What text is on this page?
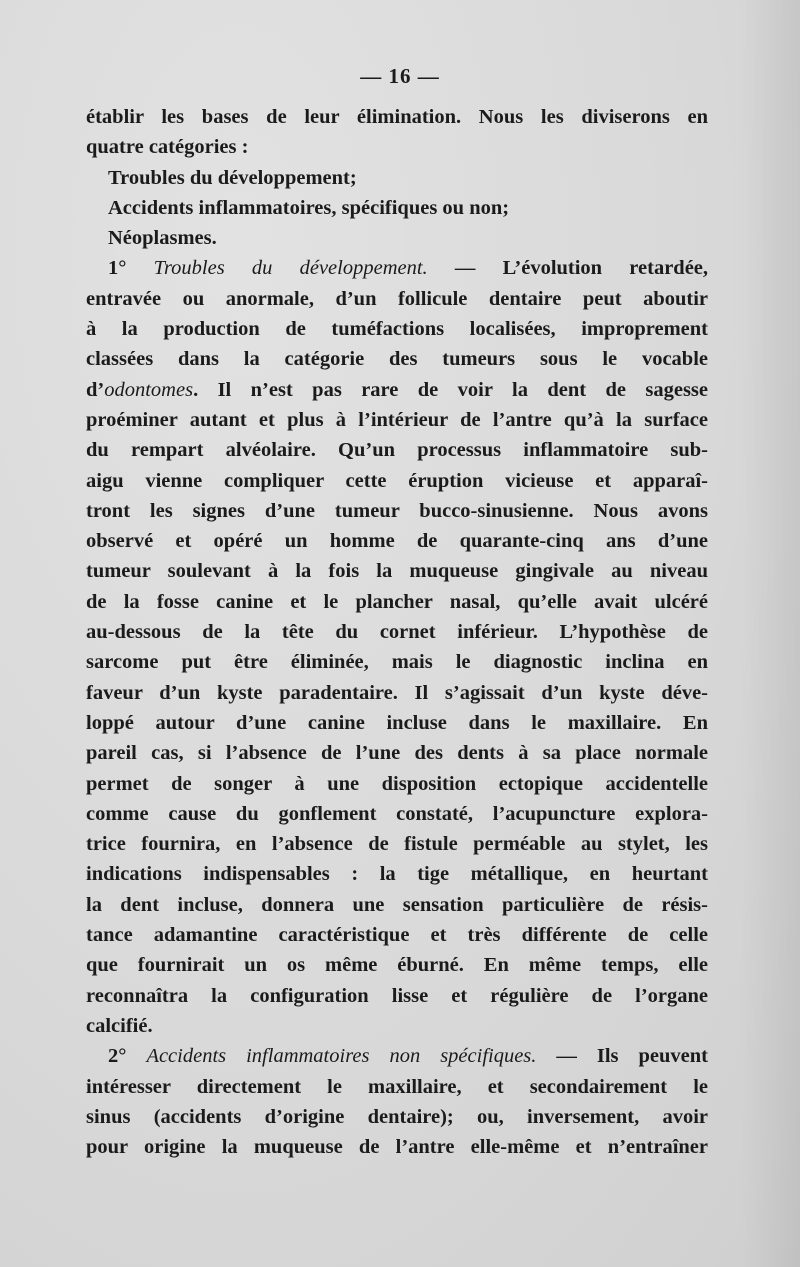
— 16 —
établir les bases de leur élimination. Nous les diviserons en
quatre catégories :
Troubles du développement;
Accidents inflammatoires, spécifiques ou non;
Néoplasmes.
1° Troubles du développement. — L’évolution retardée,
entravée ou anormale, d’un follicule dentaire peut aboutir
à la production de tuméfactions localisées, improprement
classées dans la catégorie des tumeurs sous le vocable
d’odontomes. Il n’est pas rare de voir la dent de sagesse
proéminer autant et plus à l’intérieur de l’antre qu’à la surface
du rempart alvéolaire. Qu’un processus inflammatoire sub-
aigu vienne compliquer cette éruption vicieuse et apparaî-
tront les signes d’une tumeur bucco-sinusienne. Nous avons
observé et opéré un homme de quarante-cinq ans d’une
tumeur soulevant à la fois la muqueuse gingivale au niveau
de la fosse canine et le plancher nasal, qu’elle avait ulcéré
au-dessous de la tête du cornet inférieur. L’hypothèse de
sarcome put être éliminée, mais le diagnostic inclina en
faveur d’un kyste paradentaire. Il s’agissait d’un kyste déve-
loppé autour d’une canine incluse dans le maxillaire. En
pareil cas, si l’absence de l’une des dents à sa place normale
permet de songer à une disposition ectopique accidentelle
comme cause du gonflement constaté, l’acupuncture explora-
trice fournira, en l’absence de fistule perméable au stylet, les
indications indispensables : la tige métallique, en heurtant
la dent incluse, donnera une sensation particulière de résis-
tance adamantine caractéristique et très différente de celle
que fournirait un os même éburné. En même temps, elle
reconnaîtra la configuration lisse et régulière de l’organe
calcifié.
2° Accidents inflammatoires non spécifiques. — Ils peuvent
intéresser directement le maxillaire, et secondairement le
sinus (accidents d’origine dentaire); ou, inversement, avoir
pour origine la muqueuse de l’antre elle-même et n’entraîner
